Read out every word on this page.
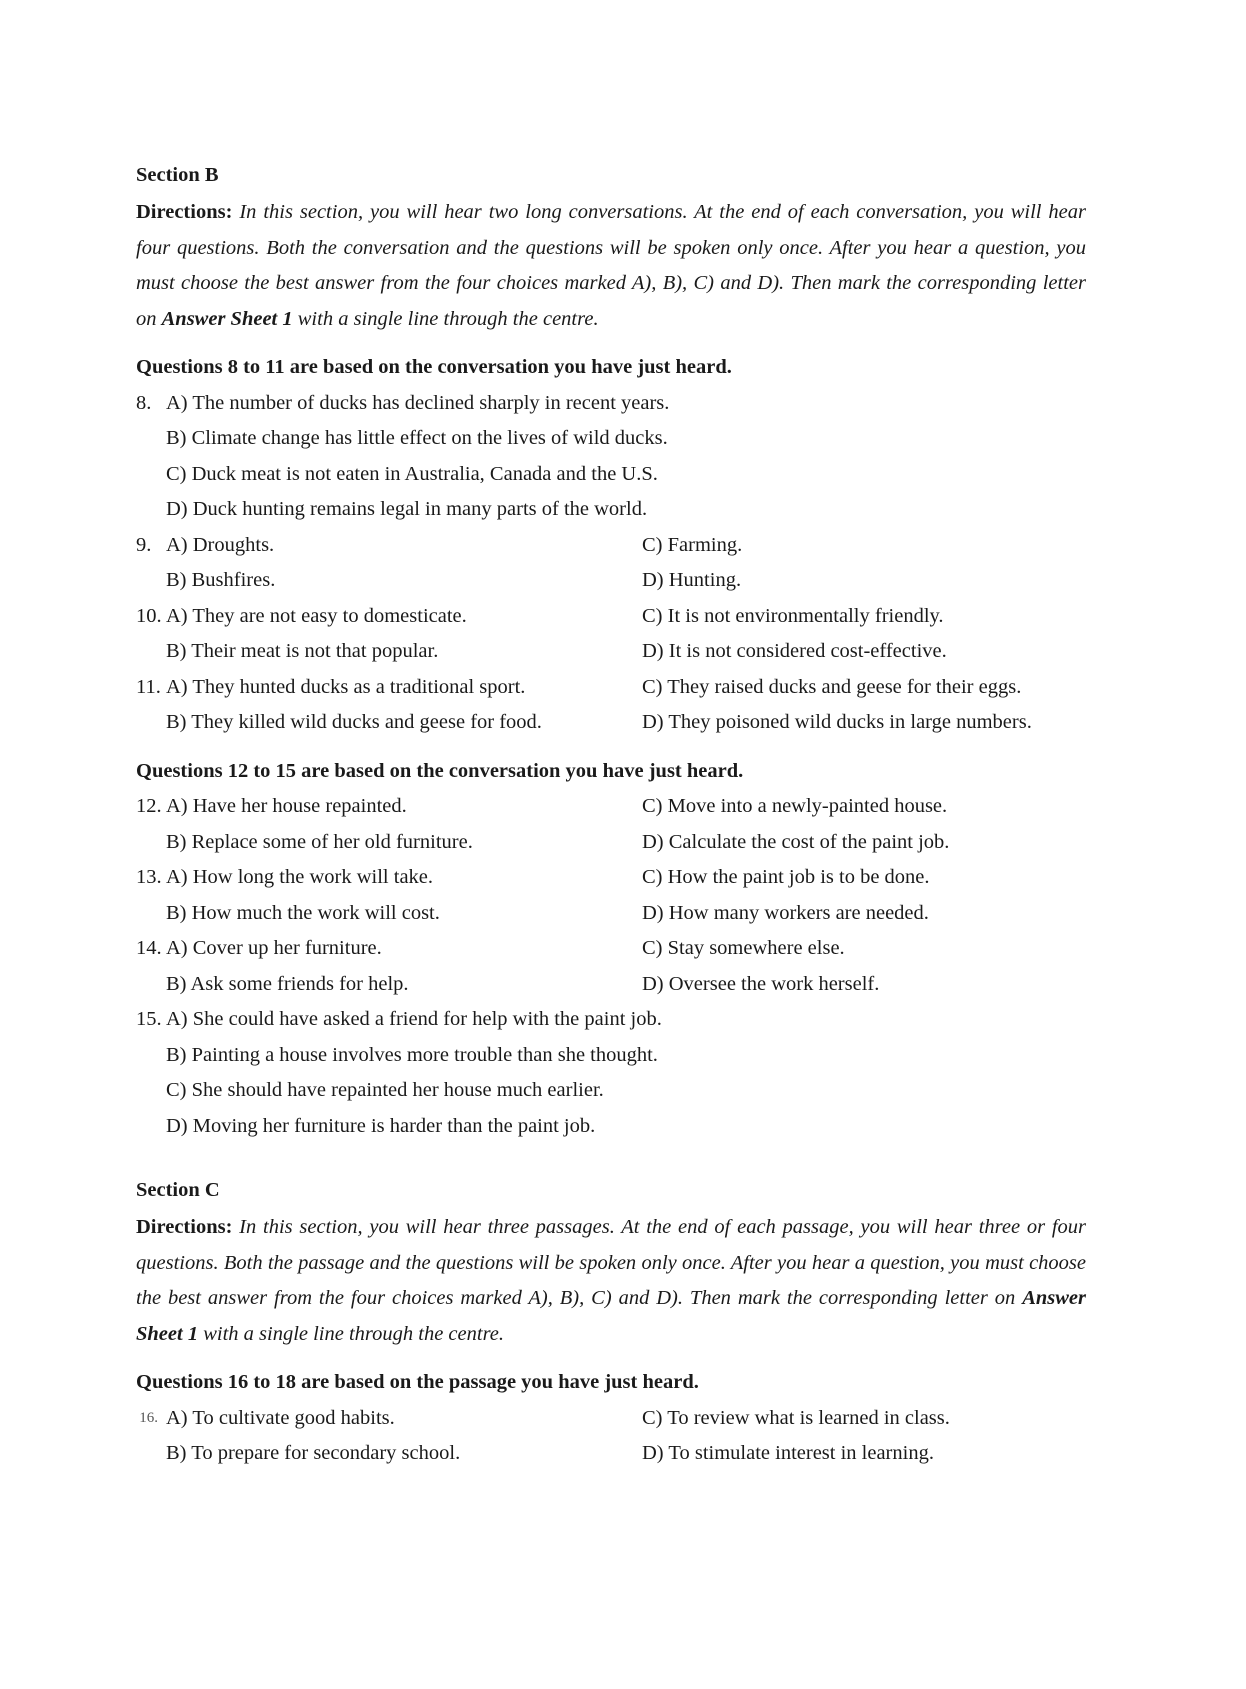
Section B
Directions: In this section, you will hear two long conversations. At the end of each conversation, you will hear four questions. Both the conversation and the questions will be spoken only once. After you hear a question, you must choose the best answer from the four choices marked A), B), C) and D). Then mark the corresponding letter on Answer Sheet 1 with a single line through the centre.
Questions 8 to 11 are based on the conversation you have just heard.
8. A) The number of ducks has declined sharply in recent years.
B) Climate change has little effect on the lives of wild ducks.
C) Duck meat is not eaten in Australia, Canada and the U.S.
D) Duck hunting remains legal in many parts of the world.
9. A) Droughts.	C) Farming.
B) Bushfires.	D) Hunting.
10. A) They are not easy to domesticate.	C) It is not environmentally friendly.
B) Their meat is not that popular.	D) It is not considered cost-effective.
11. A) They hunted ducks as a traditional sport.	C) They raised ducks and geese for their eggs.
B) They killed wild ducks and geese for food.	D) They poisoned wild ducks in large numbers.
Questions 12 to 15 are based on the conversation you have just heard.
12. A) Have her house repainted.	C) Move into a newly-painted house.
B) Replace some of her old furniture.	D) Calculate the cost of the paint job.
13. A) How long the work will take.	C) How the paint job is to be done.
B) How much the work will cost.	D) How many workers are needed.
14. A) Cover up her furniture.	C) Stay somewhere else.
B) Ask some friends for help.	D) Oversee the work herself.
15. A) She could have asked a friend for help with the paint job.
B) Painting a house involves more trouble than she thought.
C) She should have repainted her house much earlier.
D) Moving her furniture is harder than the paint job.
Section C
Directions: In this section, you will hear three passages. At the end of each passage, you will hear three or four questions. Both the passage and the questions will be spoken only once. After you hear a question, you must choose the best answer from the four choices marked A), B), C) and D). Then mark the corresponding letter on Answer Sheet 1 with a single line through the centre.
Questions 16 to 18 are based on the passage you have just heard.
16. A) To cultivate good habits.	C) To review what is learned in class.
B) To prepare for secondary school.	D) To stimulate interest in learning.
